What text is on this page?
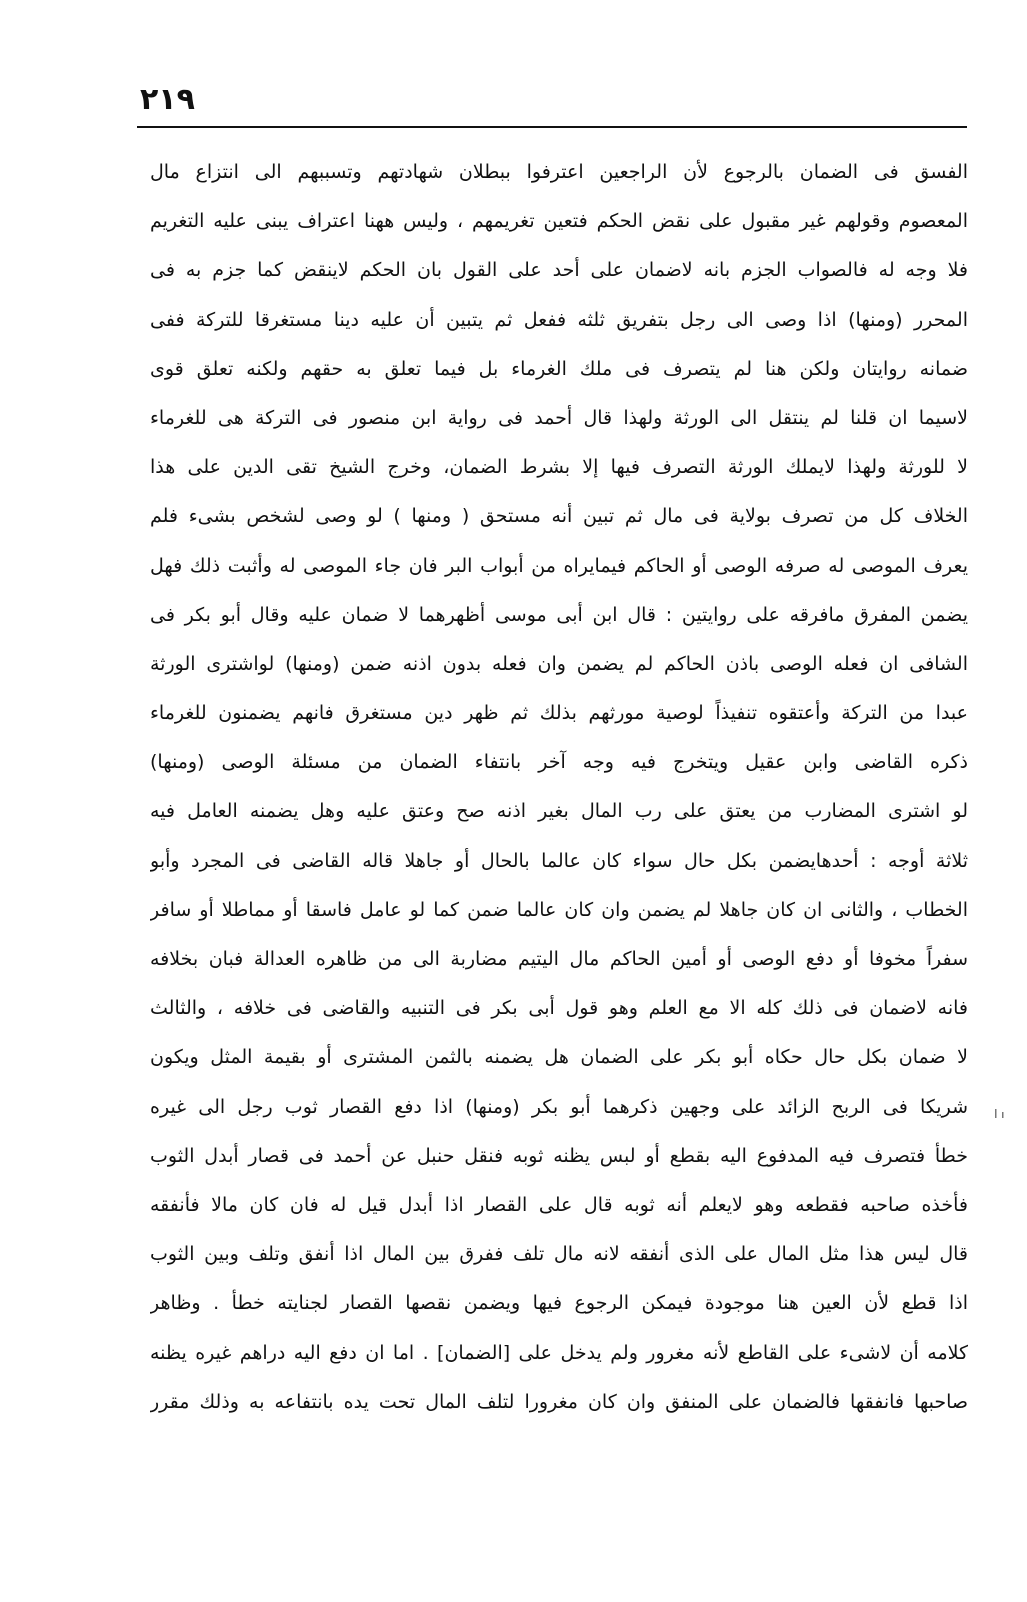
٢١٩
الفسق فى الضمان بالرجوع لأن الراجعين اعترفوا ببطلان شهادتهم وتسببهم الى انتزاع مال
المعصوم وقولهم غير مقبول على نقض الحكم فتعين تغريمهم ، وليس ههنا اعتراف يبنى عليه التغريم
فلا وجه له فالصواب الجزم بانه لاضمان على أحد على القول بان الحكم لاينقض كما جزم به فى
المحرر (ومنها) اذا وصى الى رجل بتفريق ثلثه ففعل ثم يتبين أن عليه دينا مستغرقا للتركة ففى
ضمانه روايتان ولكن هنا لم يتصرف فى ملك الغرماء بل فيما تعلق به حقهم ولكنه تعلق قوى
لاسيما ان قلنا لم ينتقل الى الورثة ولهذا قال أحمد فى رواية ابن منصور فى التركة هى للغرماء
لا للورثة ولهذا لايملك الورثة التصرف فيها إلا بشرط الضمان، وخرج الشيخ تقى الدين على هذا
الخلاف كل من تصرف بولاية فى مال ثم تبين أنه مستحق ( ومنها ) لو وصى لشخص بشىء فلم
يعرف الموصى له صرفه الوصى أو الحاكم فيمايراه من أبواب البر فان جاء الموصى له وأثبت ذلك فهل
يضمن المفرق مافرقه على روايتين : قال ابن أبى موسى أظهرهما لا ضمان عليه وقال أبو بكر فى
الشافى ان فعله الوصى باذن الحاكم لم يضمن وان فعله بدون اذنه ضمن (ومنها) لواشترى الورثة
عبدا من التركة وأعتقوه تنفيذاً لوصية مورثهم بذلك ثم ظهر دين مستغرق فانهم يضمنون للغرماء
ذكره القاضى وابن عقيل ويتخرج فيه وجه آخر بانتفاء الضمان من مسئلة الوصى (ومنها)
لو اشترى المضارب من يعتق على رب المال بغير اذنه صح وعتق عليه وهل يضمنه العامل فيه
ثلاثة أوجه : أحدهايضمن بكل حال سواء كان عالما بالحال أو جاهلا قاله القاضى فى المجرد وأبو
الخطاب ، والثانى ان كان جاهلا لم يضمن وان كان عالما ضمن كما لو عامل فاسقا أو مماطلا أو سافر
سفراً مخوفا أو دفع الوصى أو أمين الحاكم مال اليتيم مضاربة الى من ظاهره العدالة فبان بخلافه
فانه لاضمان فى ذلك كله الا مع العلم وهو قول أبى بكر فى التنبيه والقاضى فى خلافه ، والثالث
لا ضمان بكل حال حكاه أبو بكر على الضمان هل يضمنه بالثمن المشترى أو بقيمة المثل ويكون
شريكا فى الربح الزائد على وجهين ذكرهما أبو بكر (ومنها) اذا دفع القصار ثوب رجل الى غيره
خطأ فتصرف فيه المدفوع اليه بقطع أو لبس يظنه ثوبه فنقل حنبل عن أحمد فى قصار أبدل الثوب
فأخذه صاحبه فقطعه وهو لايعلم أنه ثوبه قال على القصار اذا أبدل قيل له فان كان مالا فأنفقه
قال ليس هذا مثل المال على الذى أنفقه لانه مال تلف ففرق بين المال اذا أنفق وتلف وبين الثوب
اذا قطع لأن العين هنا موجودة فيمكن الرجوع فيها ويضمن نقصها القصار لجنايته خطأ . وظاهر
كلامه أن لاشىء على القاطع لأنه مغرور ولم يدخل على [الضمان] . اما ان دفع اليه دراهم غيره يظنه
صاحبها فانفقها فالضمان على المنفق وان كان مغرورا لتلف المال تحت يده بانتفاعه به وذلك مقرر
